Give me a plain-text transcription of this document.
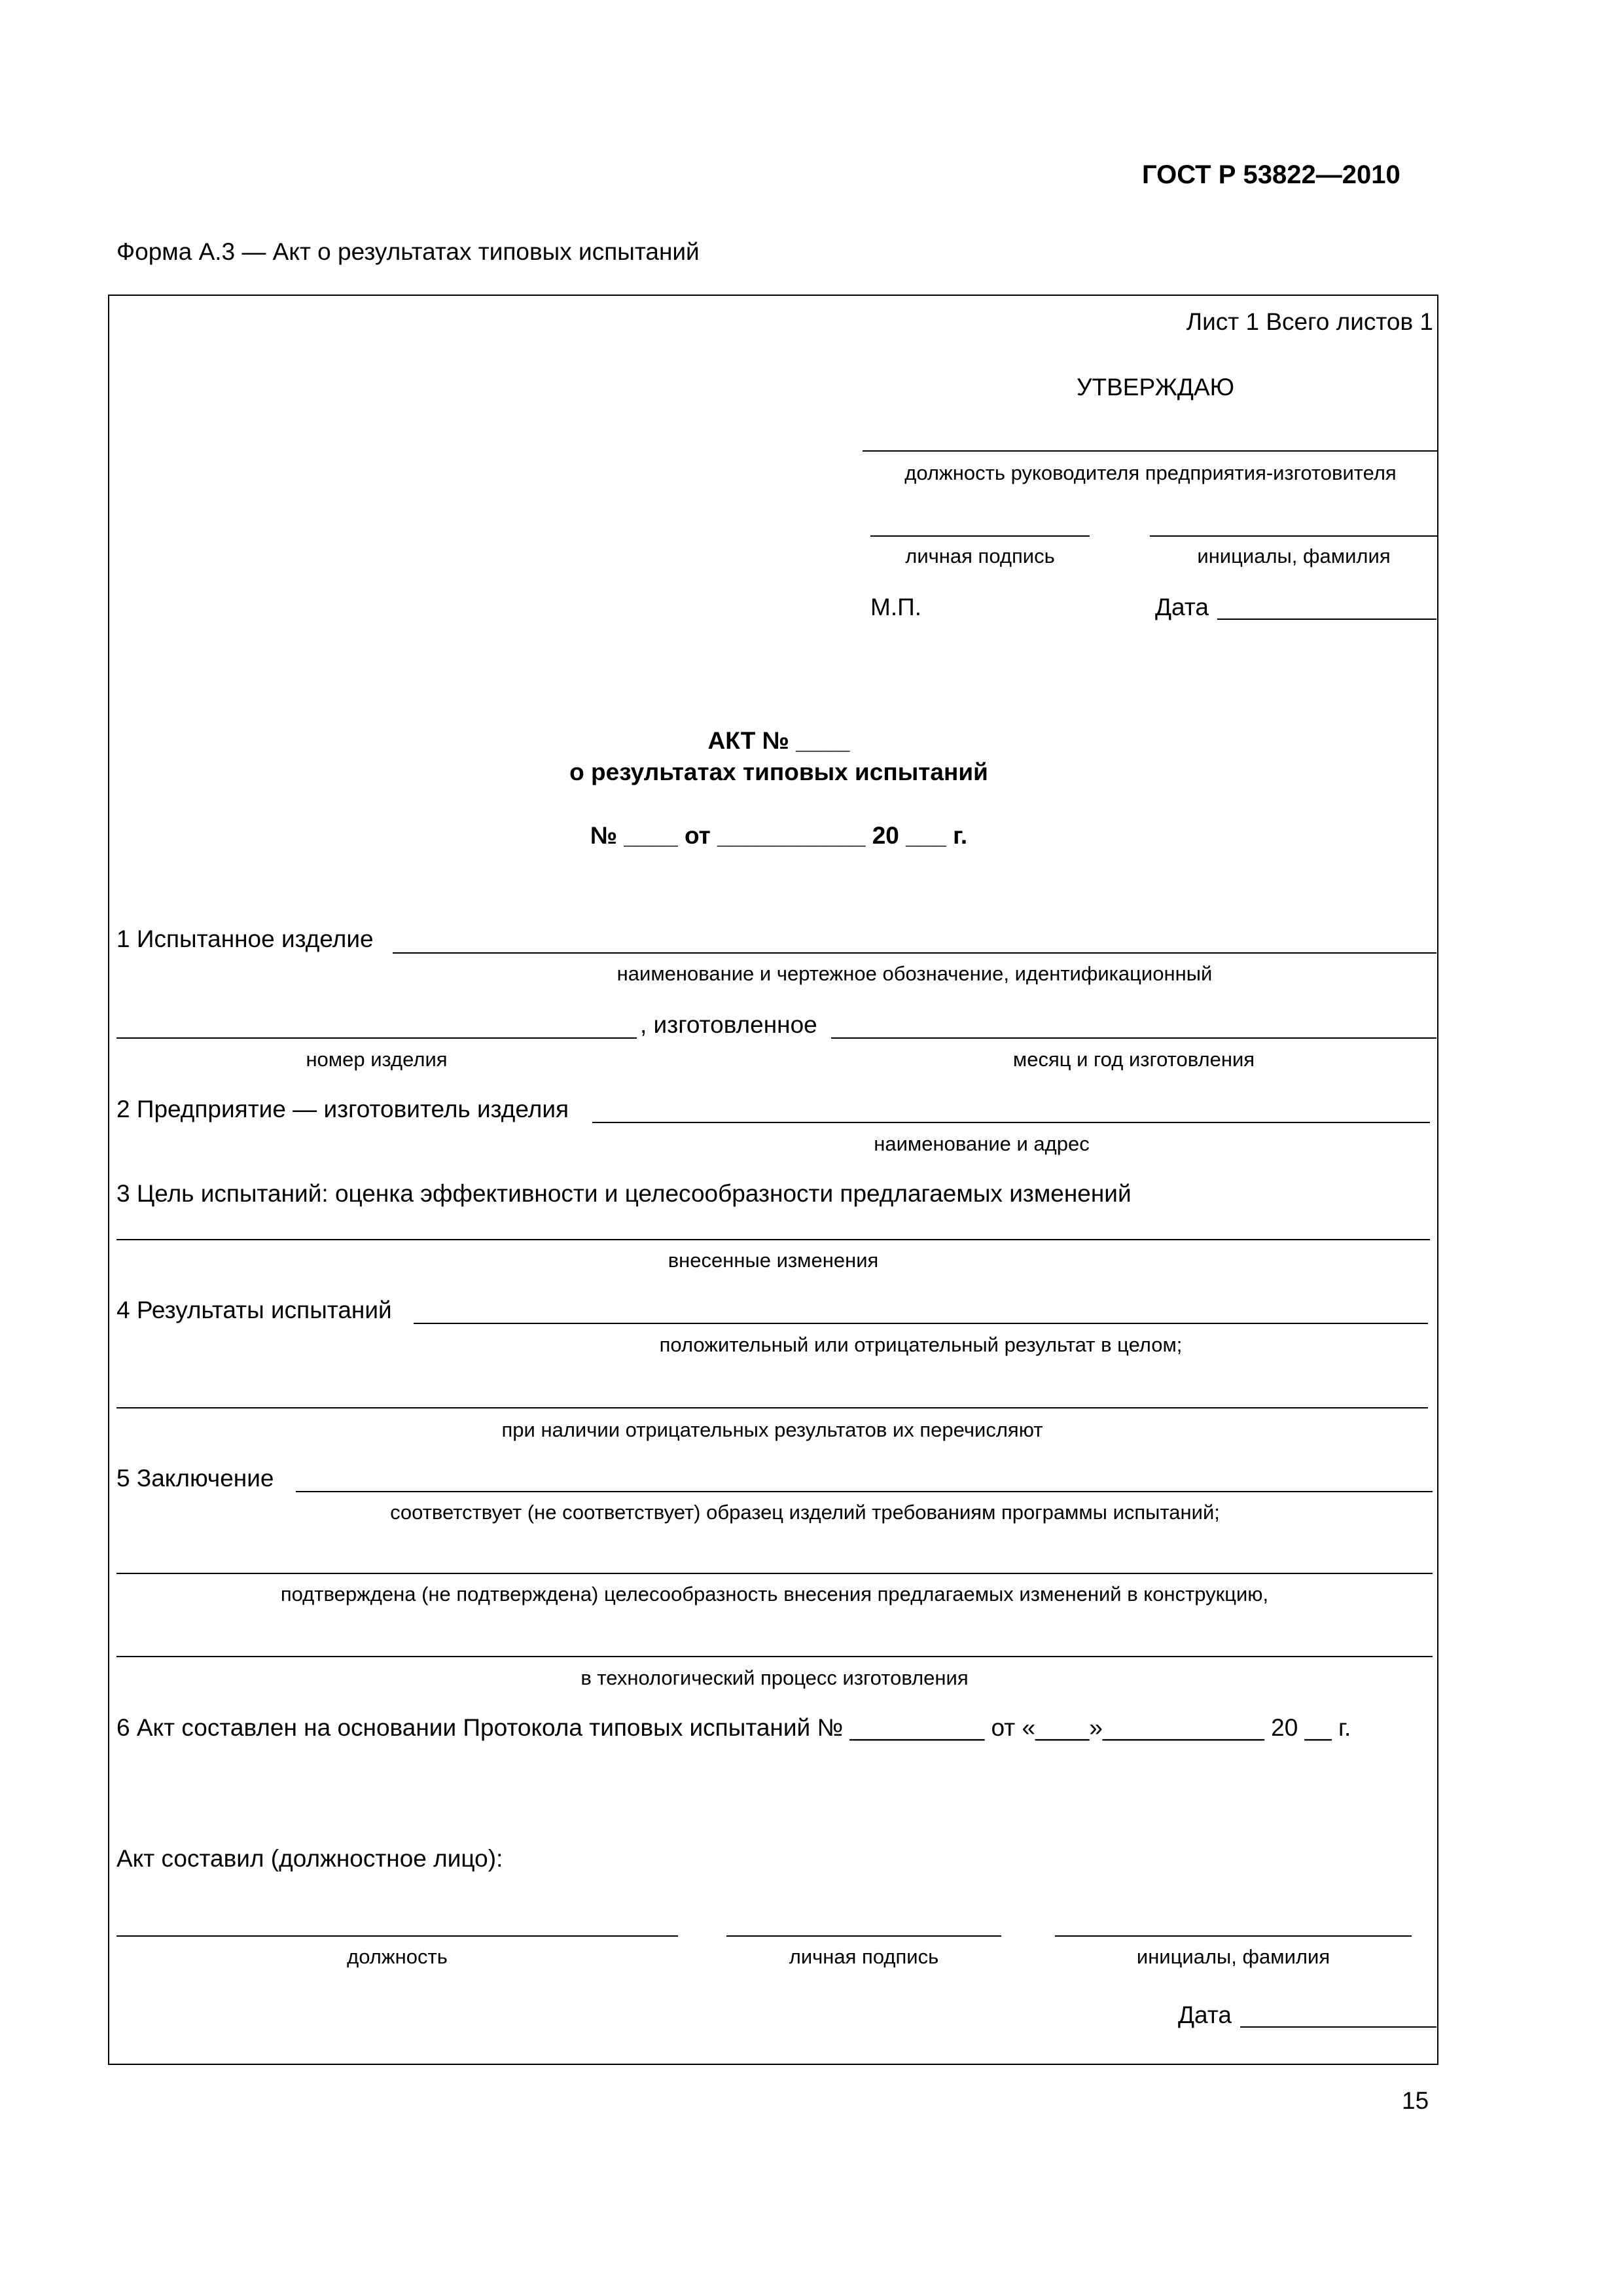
ГОСТ Р 53822—2010
Форма А.3 — Акт о результатах типовых испытаний
Лист 1 Всего листов 1
УТВЕРЖДАЮ
должность руководителя предприятия-изготовителя
личная подпись	инициалы, фамилия
М.П.	Дата
АКТ № ____
о результатах типовых испытаний
№ ____ от ___________ 20 ___ г.
1 Испытанное изделие
наименование и чертежное обозначение, идентификационный
, изготовленное
номер изделия	месяц и год изготовления
2 Предприятие — изготовитель изделия
наименование и адрес
3 Цель испытаний: оценка эффективности и целесообразности предлагаемых изменений
внесенные изменения
4 Результаты испытаний
положительный или отрицательный результат в целом;
при наличии отрицательных результатов их перечисляют
5 Заключение
соответствует (не соответствует) образец изделий требованиям программы испытаний;
подтверждена (не подтверждена) целесообразность внесения предлагаемых изменений в конструкцию,
в технологический процесс изготовления
6 Акт составлен на основании Протокола типовых испытаний № __________ от «____»____________ 20 __ г.
Акт составил (должностное лицо):
должность	личная подпись	инициалы, фамилия
Дата
15
